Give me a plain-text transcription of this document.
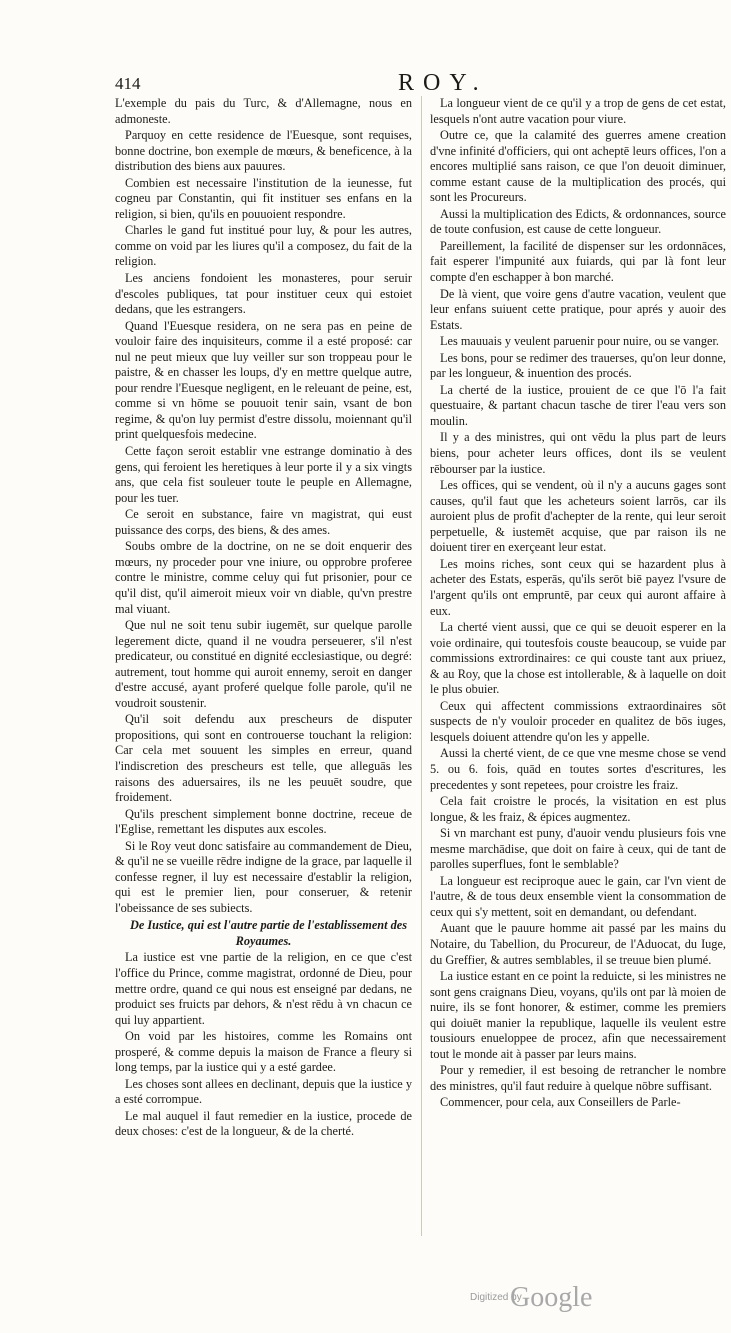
414	ROY.

L'exemple du pais du Turc, & d'Allemagne, nous en admoneste.

Parquoy en cette residence de l'Euesque, sont requises, bonne doctrine, bon exemple de mœurs, & beneficence, à la distribution des biens aux pauures.

Combien est necessaire l'institution de la ieunesse, fut cogneu par Constantin, qui fit instituer ses enfans en la religion, si bien, qu'ils en pouuoient respondre.

Charles le gand fut institué pour luy, & pour les autres, comme on void par les liures qu'il a composez, du fait de la religion.

Les anciens fondoient les monasteres, pour seruir d'escoles publiques, tat pour instituer ceux qui estoiet dedans, que les estrangers.

Quand l'Euesque residera, on ne sera pas en peine de vouloir faire des inquisiteurs, comme il a esté proposé: car nul ne peut mieux que luy veiller sur son troppeau pour le paistre, & en chasser les loups, d'y en mettre quelque autre, pour rendre l'Euesque negligent, en le releuant de peine, est, comme si vn hōme se pouuoit tenir sain, vsant de bon regime, & qu'on luy permist d'estre dissolu, moiennant qu'il print quelquesfois medecine.

Cette façon seroit establir vne estrange dominatio à des gens, qui feroient les heretiques à leur porte il y a six vingts ans, que cela fist souleuer toute le peuple en Allemagne, pour les tuer.

Ce seroit en substance, faire vn magistrat, qui eust puissance des corps, des biens, & des ames.

Soubs ombre de la doctrine, on ne se doit enquerir des mœurs, ny proceder pour vne iniure, ou opprobre proferee contre le ministre, comme celuy qui fut prisonier, pour ce qu'il dist, qu'il aimeroit mieux voir vn diable, qu'vn prestre mal viuant.

Que nul ne soit tenu subir iugemēt, sur quelque parolle legerement dicte, quand il ne voudra perseuerer, s'il n'est predicateur, ou constitué en dignité ecclesiastique, ou degré: autrement, tout homme qui auroit ennemy, seroit en danger d'estre accusé, ayant proferé quelque folle parole, qu'il ne voudroit soustenir.

Qu'il soit defendu aux prescheurs de disputer propositions, qui sont en controuerse touchant la religion: Car cela met souuent les simples en erreur, quand l'indiscretion des prescheurs est telle, que alleguās les raisons des aduersaires, ils ne les peuuēt soudre, que froidement.

Qu'ils preschent simplement bonne doctrine, receue de l'Eglise, remettant les disputes aux escoles.

Si le Roy veut donc satisfaire au commandement de Dieu, & qu'il ne se vueille rēdre indigne de la grace, par laquelle il confesse regner, il luy est necessaire d'establir la religion, qui est le premier lien, pour conseruer, & retenir l'obeissance de ses subiects.

De Iustice, qui est l'autre partie de l'establissement des Royaumes.

La iustice est vne partie de la religion, en ce que c'est l'office du Prince, comme magistrat, ordonné de Dieu, pour mettre ordre, quand ce qui nous est enseigné par dedans, ne produict ses fruicts par dehors, & n'est rēdu à vn chacun ce qui luy appartient.

On void par les histoires, comme les Romains ont prosperé, & comme depuis la maison de France a fleury si long temps, par la iustice qui y a esté gardee.

Les choses sont allees en declinant, depuis que la iustice y a esté corrompue.

Le mal auquel il faut remedier en la iustice, procede de deux choses: c'est de la longueur, & de la cherté.

La longueur vient de ce qu'il y a trop de gens de cet estat, lesquels n'ont autre vacation pour viure.

Outre ce, que la calamité des guerres amene creation d'vne infinité d'officiers, qui ont acheptē leurs offices, l'on a encores multiplié sans raison, ce que l'on deuoit diminuer, comme estant cause de la multiplication des procés, qui sont les Procureurs.

Aussi la multiplication des Edicts, & ordonnances, source de toute confusion, est cause de cette longueur.

Pareillement, la facilité de dispenser sur les ordonnāces, fait esperer l'impunité aux fuiards, qui par là font leur compte d'en eschapper à bon marché.

De là vient, que voire gens d'autre vacation, veulent que leur enfans suiuent cette pratique, pour aprés y auoir des Estats.

Les mauuais y veulent paruenir pour nuire, ou se vanger.

Les bons, pour se redimer des trauerses, qu'on leur donne, par les longueur, & inuention des procés.

La cherté de la iustice, prouient de ce que l'ō l'a fait questuaire, & partant chacun tasche de tirer l'eau vers son moulin.

Il y a des ministres, qui ont vēdu la plus part de leurs biens, pour acheter leurs offices, dont ils se veulent rēbourser par la iustice.

Les offices, qui se vendent, où il n'y a aucuns gages sont causes, qu'il faut que les acheteurs soient larrōs, car ils auroient plus de profit d'achepter de la rente, qui leur seroit perpetuelle, & iustemēt acquise, que par raison ils ne doiuent tirer en exerçeant leur estat.

Les moins riches, sont ceux qui se hazardent plus à acheter des Estats, esperās, qu'ils serōt biē payez l'vsure de l'argent qu'ils ont empruntē, par ceux qui auront affaire à eux.

La cherté vient aussi, que ce qui se deuoit esperer en la voie ordinaire, qui toutesfois couste beaucoup, se vuide par commissions extrordinaires: ce qui couste tant aux priuez, & au Roy, que la chose est intollerable, & à laquelle on doit le plus obuier.

Ceux qui affectent commissions extraordinaires sōt suspects de n'y vouloir proceder en qualitez de bōs iuges, lesquels doiuent attendre qu'on les y appelle.

Aussi la cherté vient, de ce que vne mesme chose se vend 5. ou 6. fois, quād en toutes sortes d'escritures, les precedentes y sont repetees, pour croistre les fraiz.

Cela fait croistre le procés, la visitation en est plus longue, & les fraiz, & épices augmentez.

Si vn marchant est puny, d'auoir vendu plusieurs fois vne mesme marchādise, que doit on faire à ceux, qui de tant de parolles superflues, font le semblable?

La longueur est reciproque auec le gain, car l'vn vient de l'autre, & de tous deux ensemble vient la consommation de ceux qui s'y mettent, soit en demandant, ou defendant.

Auant que le pauure homme ait passé par les mains du Notaire, du Tabellion, du Procureur, de l'Aduocat, du Iuge, du Greffier, & autres semblables, il se treuue bien plumé.

La iustice estant en ce point la reduicte, si les ministres ne sont gens craignans Dieu, voyans, qu'ils ont par là moien de nuire, ils se font honorer, & estimer, comme les premiers qui doiuēt manier la republique, laquelle ils veulent estre tousiours enueloppee de procez, afin que necessairement tout le monde ait à passer par leurs mains.

Pour y remedier, il est besoing de retrancher le nombre des ministres, qu'il faut reduire à quelque nōbre suffisant.

Commencer, pour cela, aux Conseillers de Parle-

Digitized by
Google
